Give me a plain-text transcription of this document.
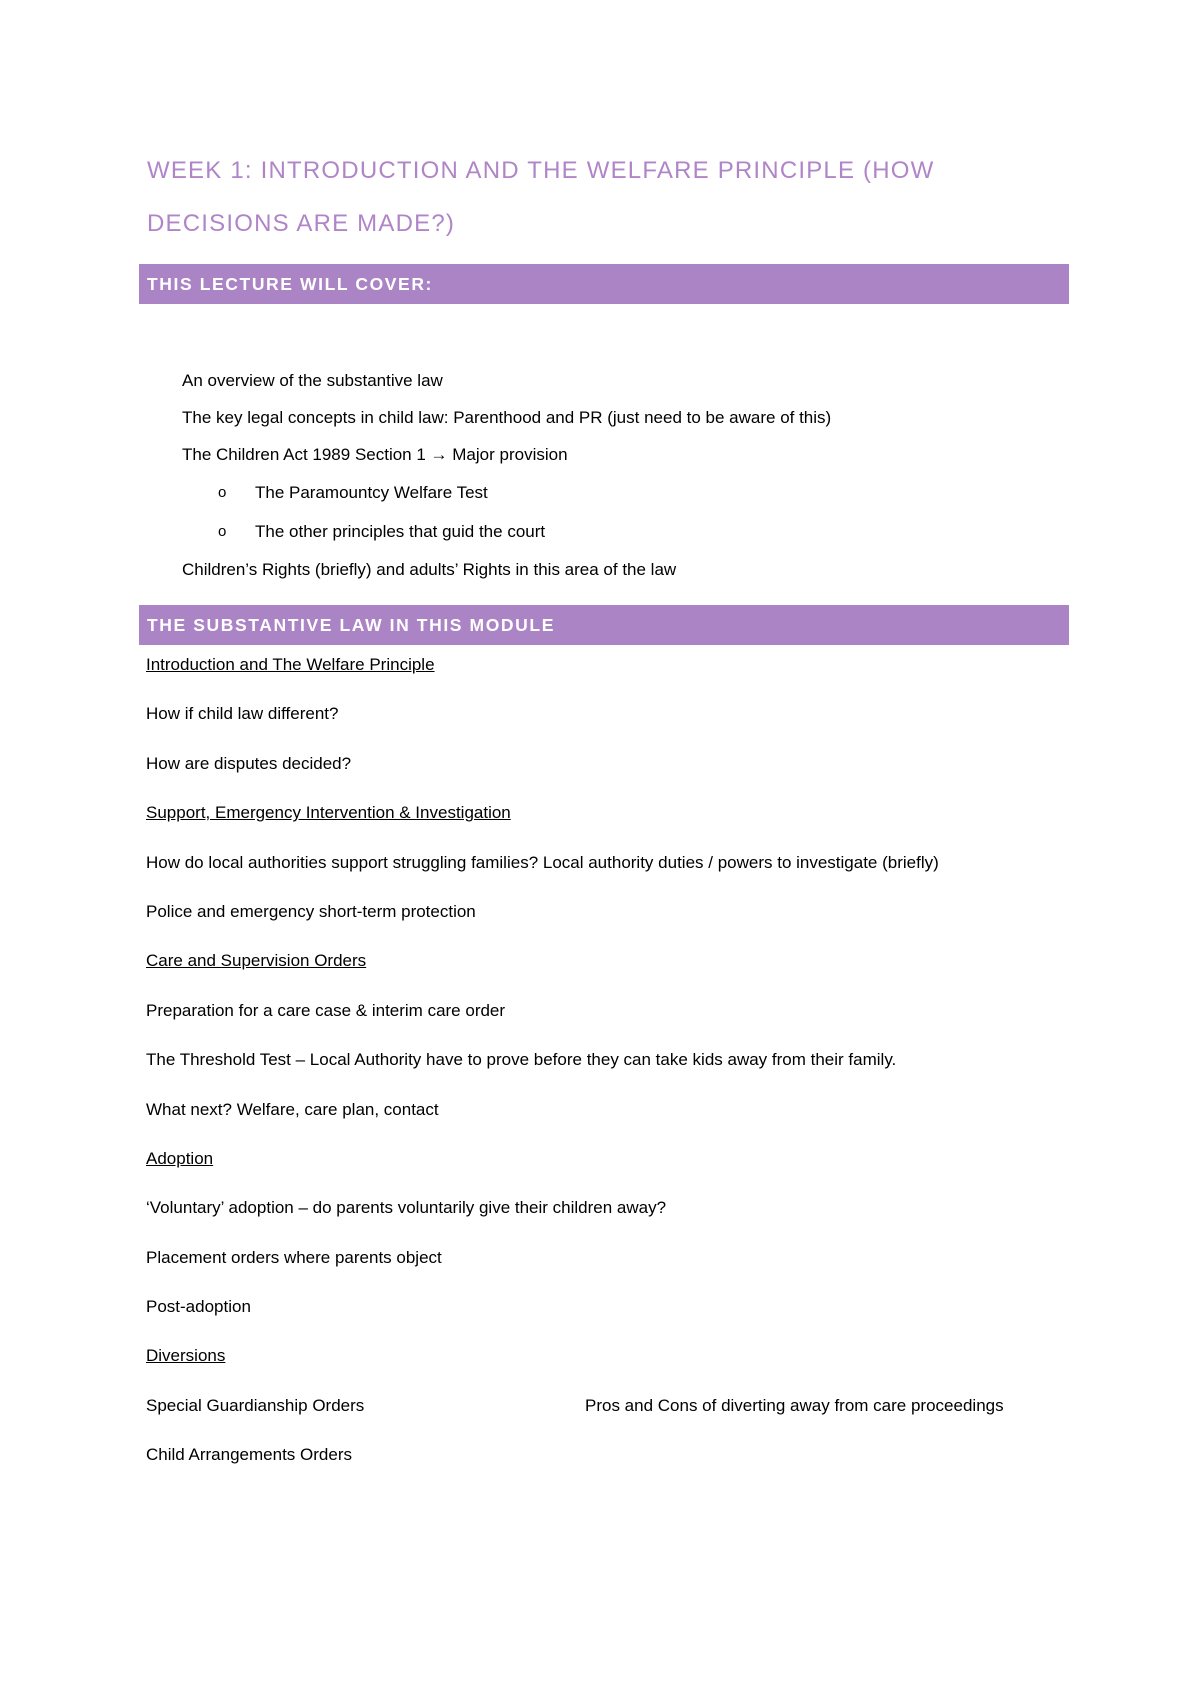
WEEK 1: INTRODUCTION AND THE WELFARE PRINCIPLE (HOW DECISIONS ARE MADE?)
THIS LECTURE WILL COVER:
An overview of the substantive law
The key legal concepts in child law: Parenthood and PR (just need to be aware of this)
The Children Act 1989 Section 1 → Major provision
o The Paramountcy Welfare Test
o The other principles that guid the court
Children’s Rights (briefly) and adults’ Rights in this area of the law
THE SUBSTANTIVE LAW IN THIS MODULE
Introduction and The Welfare Principle
How if child law different?
How are disputes decided?
Support, Emergency Intervention & Investigation
How do local authorities support struggling families? Local authority duties / powers to investigate (briefly)
Police and emergency short-term protection
Care and Supervision Orders
Preparation for a care case & interim care order
The Threshold Test – Local Authority have to prove before they can take kids away from their family.
What next? Welfare, care plan, contact
Adoption
‘Voluntary’ adoption – do parents voluntarily give their children away?
Placement orders where parents object
Post-adoption
Diversions
Special Guardianship Orders	Pros and Cons of diverting away from care proceedings
Child Arrangements Orders
